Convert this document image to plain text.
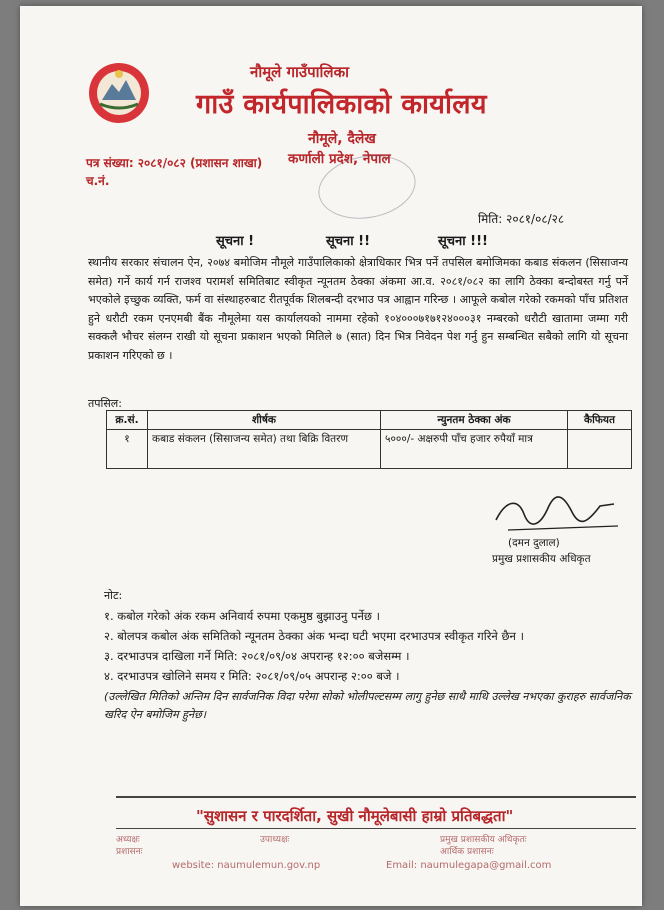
नौमूले गाउँपालिका
गाउँ कार्यपालिकाको कार्यालय
नौमूले, दैलेख
कर्णाली प्रदेश, नेपाल
पत्र संख्या: २०८१/०८२ (प्रशासन शाखा)
च.नं.
मिति: २०८१/०८/२८
सूचना !	सूचना !!	सूचना !!!
स्थानीय सरकार संचालन ऐन, २०७४ बमोजिम नौमूले गाउँपालिकाको क्षेत्राधिकार भित्र पर्ने तपसिल बमोजिमका कबाड संकलन (सिसाजन्य समेत) गर्ने कार्य गर्न राजश्व परामर्श समितिबाट स्वीकृत न्यूनतम ठेक्का अंकमा आ.व. २०८१/०८२ का लागि ठेक्का बन्दोबस्त गर्नु पर्ने भएकोले इच्छुक व्यक्ति, फर्म वा संस्थाहरुबाट रीतपूर्वक शिलबन्दी दरभाउ पत्र आह्वान गरिन्छ । आफूले कबोल गरेको रकमको पाँच प्रतिशत हुने धरौटी रकम एनएमबी बैंक नौमूलेमा यस कार्यालयको नाममा रहेको १०४०००७१७१२४०००३१ नम्बरको धरौटी खातामा जम्मा गरी सक्कलै भौचर संलग्न राखी यो सूचना प्रकाशन भएको मितिले ७ (सात) दिन भित्र निवेदन पेश गर्नु हुन सम्बन्धित सबैको लागि यो सूचना प्रकाशन गरिएको छ ।
तपसिल:
क्र.सं.	शीर्षक	न्युनतम ठेक्का अंक	कैफियत
१	कबाड संकलन (सिसाजन्य समेत) तथा बिक्रि वितरण	५०००/- अक्षरुपी पाँच हजार रुपैयाँ मात्र	
(दमन दुलाल)
प्रमुख प्रशासकीय अधिकृत
नोट:
१. कबोल गरेको अंक रकम अनिवार्य रुपमा एकमुष्ठ बुझाउनु पर्नेछ ।
२. बोलपत्र कबोल अंक समितिको न्यूनतम ठेक्का अंक भन्दा घटी भएमा दरभाउपत्र स्वीकृत गरिने छैन ।
३. दरभाउपत्र दाखिला गर्ने मिति: २०८१/०९/०४ अपरान्ह १२:०० बजेसम्म ।
४. दरभाउपत्र खोलिने समय र मिति: २०८१/०९/०५ अपरान्ह २:०० बजे ।
(उल्लेखित मितिको अन्तिम दिन सार्वजनिक विदा परेमा सोको भोलीपल्टसम्म लागु हुनेछ साथै माथि उल्लेख नभएका कुराहरु सार्वजनिक खरिद ऐन बमोजिम हुनेछ।
"सुशासन र पारदर्शिता, सुखी नौमूलेबासी हाम्रो प्रतिबद्धता"
अध्यक्षः	उपाध्यक्षः	प्रमुख प्रशासकीय अधिकृतः
प्रशासनः	आर्थिक प्रशासनः
website: naumulemun.gov.np	Email: naumulegapa@gmail.com
